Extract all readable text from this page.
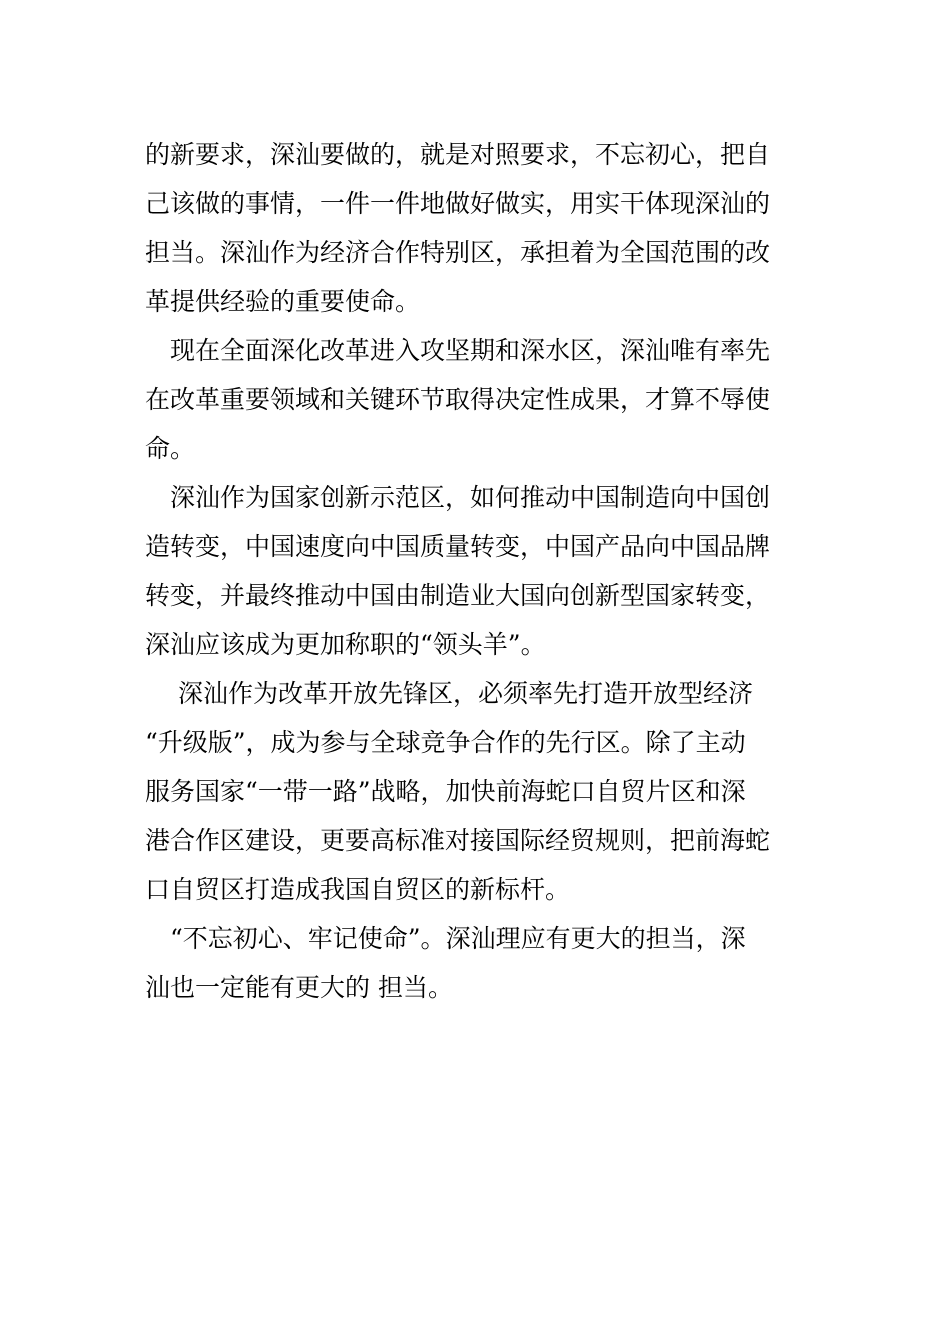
的新要求，深汕要做的，就是对照要求，不忘初心，把自
己该做的事情，一件一件地做好做实，用实干体现深汕的
担当。深汕作为经济合作特别区，承担着为全国范围的改
革提供经验的重要使命。
　现在全面深化改革进入攻坚期和深水区，深汕唯有率先
在改革重要领域和关键环节取得决定性成果，才算不辱使
命。
　深汕作为国家创新示范区，如何推动中国制造向中国创
造转变，中国速度向中国质量转变，中国产品向中国品牌
转变，并最终推动中国由制造业大国向创新型国家转变，
深汕应该成为更加称职的“领头羊”。
　 深汕作为改革开放先锋区，必须率先打造开放型经济
“升级版”，成为参与全球竞争合作的先行区。除了主动
服务国家“一带一路”战略，加快前海蛇口自贸片区和深
港合作区建设，更要高标准对接国际经贸规则，把前海蛇
口自贸区打造成我国自贸区的新标杆。
　“不忘初心、牢记使命”。深汕理应有更大的担当，深
汕也一定能有更大的 担当。
